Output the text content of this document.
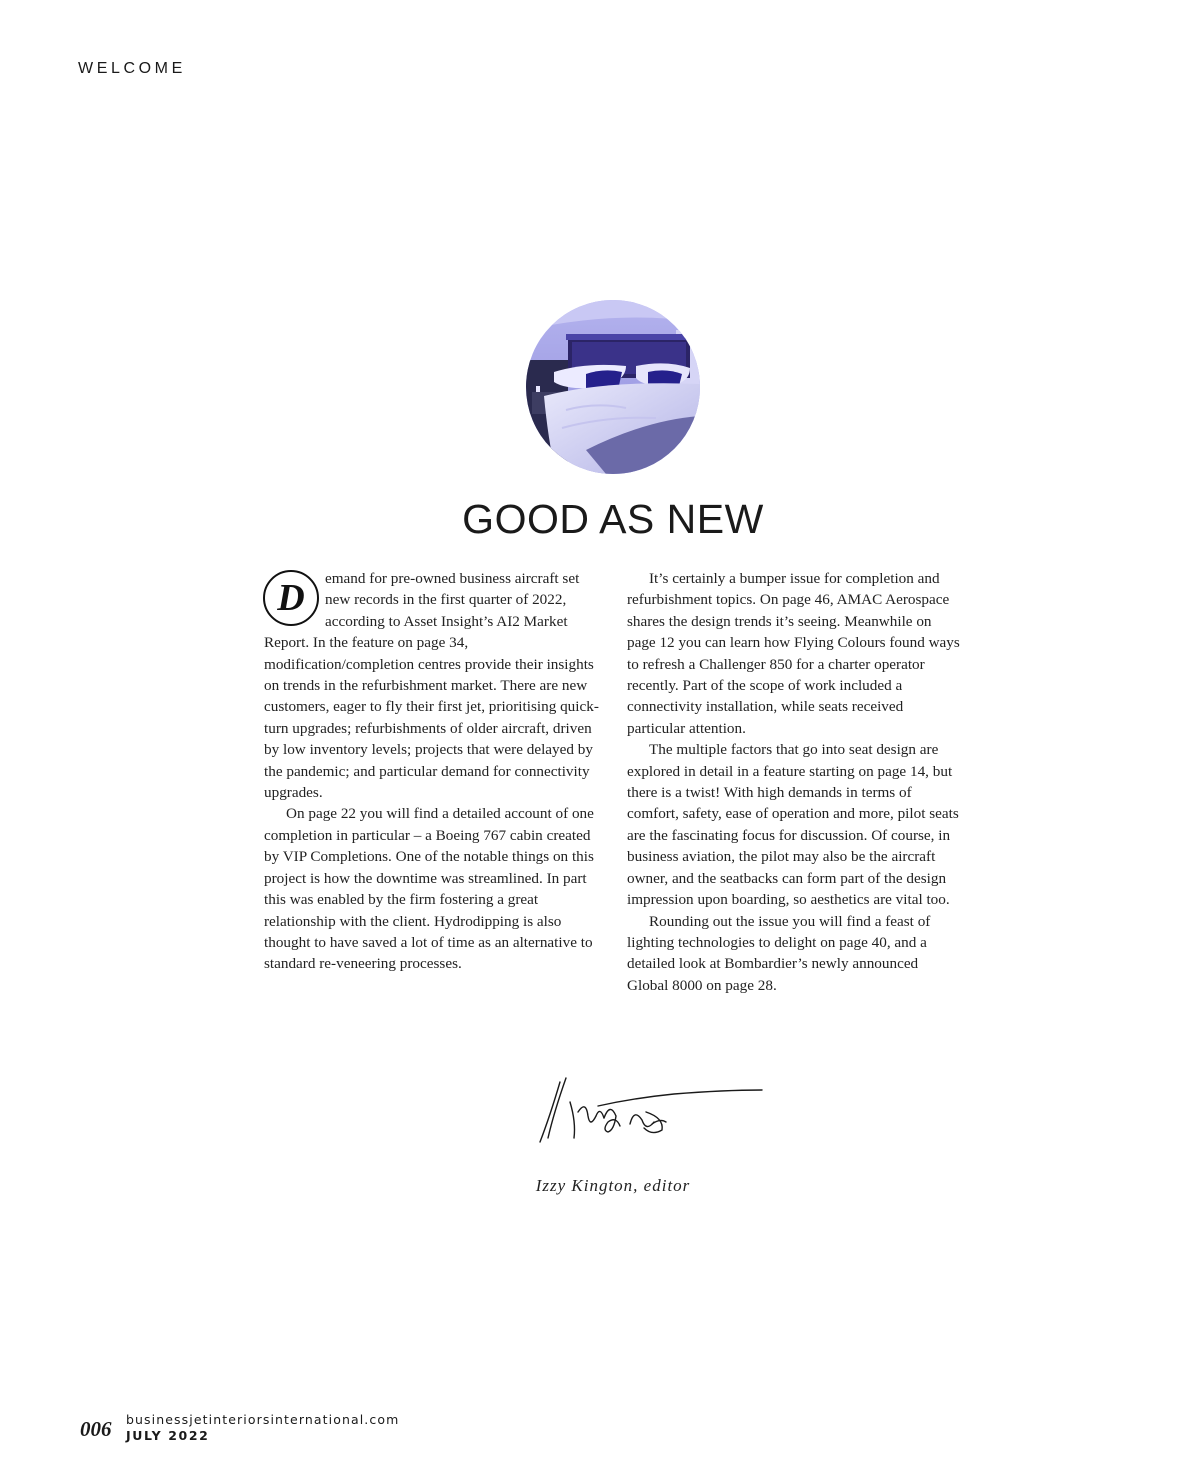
WELCOME
GOOD AS NEW

D	emand for pre-owned business aircraft set new records in the first quarter of 2022, according to Asset Insight’s AI2 Market Report. In the feature on page 34, modification/completion centres provide their insights on trends in the refurbishment market. There are new customers, eager to fly their first jet, prioritising quick-turn upgrades; refurbishments of older aircraft, driven by low inventory levels; projects that were delayed by the pandemic; and particular demand for connectivity upgrades.

On page 22 you will find a detailed account of one completion in particular – a Boeing 767 cabin created by VIP Completions. One of the notable things on this project is how the downtime was streamlined. In part this was enabled by the firm fostering a great relationship with the client. Hydrodipping is also thought to have saved a lot of time as an alternative to standard re-veneering processes.

It’s certainly a bumper issue for completion and refurbishment topics. On page 46, AMAC Aerospace shares the design trends it’s seeing. Meanwhile on page 12 you can learn how Flying Colours found ways to refresh a Challenger 850 for a charter operator recently. Part of the scope of work included a connectivity installation, while seats received particular attention.

The multiple factors that go into seat design are explored in detail in a feature starting on page 14, but there is a twist! With high demands in terms of comfort, safety, ease of operation and more, pilot seats are the fascinating focus for discussion. Of course, in business aviation, the pilot may also be the aircraft owner, and the seatbacks can form part of the design impression upon boarding, so aesthetics are vital too.

Rounding out the issue you will find a feast of lighting technologies to delight on page 40, and a detailed look at Bombardier’s newly announced Global 8000 on page 28.

Izzy Kington, editor
006 businessjetinteriorsinternational.com
JULY 2022
